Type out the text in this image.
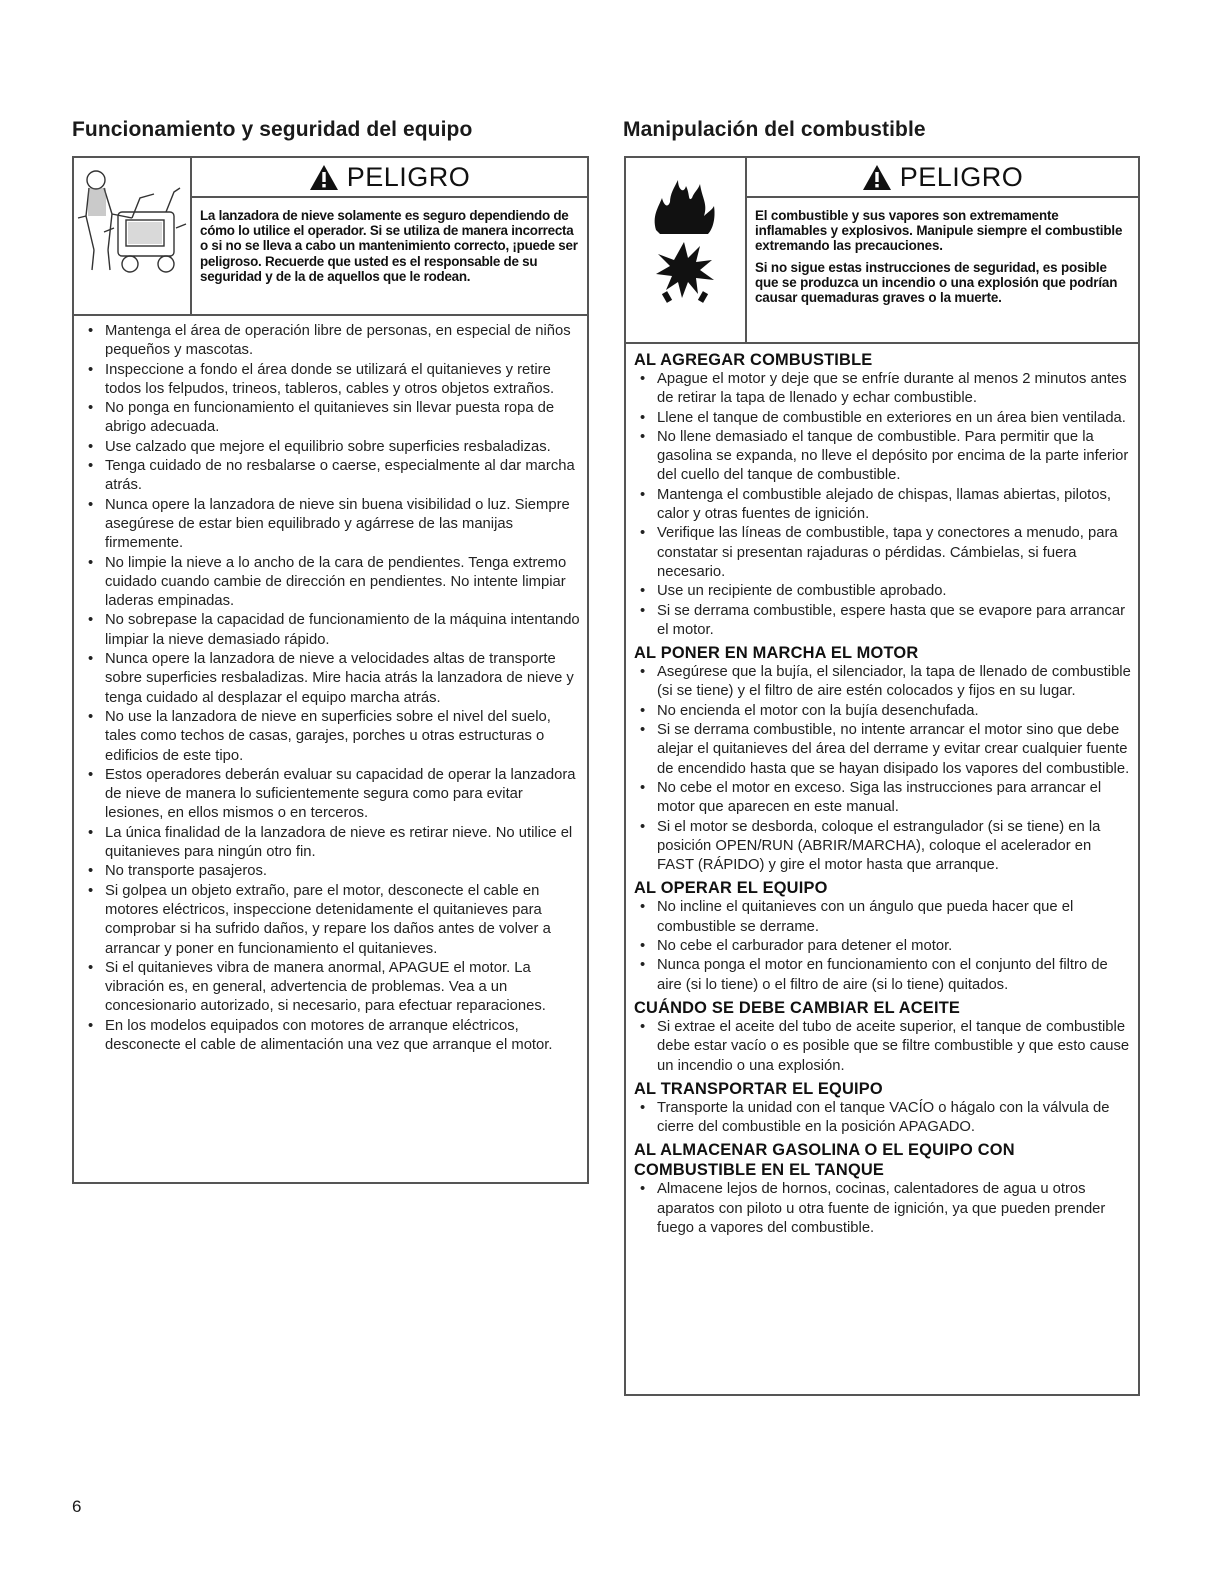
Funcionamiento y seguridad del equipo
PELIGRO

La lanzadora de nieve solamente es seguro dependiendo de cómo lo utilice el operador. Si se utiliza de manera incorrecta o si no se lleva a cabo un mantenimiento correcto, ¡puede ser peligroso. Recuerde que usted es el responsable de su seguridad y de la de aquellos que le rodean.

• Mantenga el área de operación libre de personas, en especial de niños pequeños y mascotas.
• Inspeccione a fondo el área donde se utilizará el quitanieves y retire todos los felpudos, trineos, tableros, cables y otros objetos extraños.
• No ponga en funcionamiento el quitanieves sin llevar puesta ropa de abrigo adecuada.
• Use calzado que mejore el equilibrio sobre superficies resbaladizas.
• Tenga cuidado de no resbalarse o caerse, especialmente al dar marcha atrás.
• Nunca opere la lanzadora de nieve sin buena visibilidad o luz. Siempre asegúrese de estar bien equilibrado y agárrese de las manijas firmemente.
• No limpie la nieve a lo ancho de la cara de pendientes. Tenga extremo cuidado cuando cambie de dirección en pendientes. No intente limpiar laderas empinadas.
• No sobrepase la capacidad de funcionamiento de la máquina intentando limpiar la nieve demasiado rápido.
• Nunca opere la lanzadora de nieve a velocidades altas de transporte sobre superficies resbaladizas. Mire hacia atrás la lanzadora de nieve y tenga cuidado al desplazar el equipo marcha atrás.
• No use la lanzadora de nieve en superficies sobre el nivel del suelo, tales como techos de casas, garajes, porches u otras estructuras o edificios de este tipo.
• Estos operadores deberán evaluar su capacidad de operar la lanzadora de nieve de manera lo suficientemente segura como para evitar lesiones, en ellos mismos o en terceros.
• La única finalidad de la lanzadora de nieve es retirar nieve. No utilice el quitanieves para ningún otro fin.
• No transporte pasajeros.
• Si golpea un objeto extraño, pare el motor, desconecte el cable en motores eléctricos, inspeccione detenidamente el quitanieves para comprobar si ha sufrido daños, y repare los daños antes de volver a arrancar y poner en funcionamiento el quitanieves.
• Si el quitanieves vibra de manera anormal, APAGUE el motor. La vibración es, en general, advertencia de problemas. Vea a un concesionario autorizado, si necesario, para efectuar reparaciones.
• En los modelos equipados con motores de arranque eléctricos, desconecte el cable de alimentación una vez que arranque el motor.
Manipulación del combustible
PELIGRO

El combustible y sus vapores son extremamente inflamables y explosivos. Manipule siempre el combustible extremando las precauciones.

Si no sigue estas instrucciones de seguridad, es posible que se produzca un incendio o una explosión que podrían causar quemaduras graves o la muerte.

AL AGREGAR COMBUSTIBLE
• Apague el motor y deje que se enfríe durante al menos 2 minutos antes de retirar la tapa de llenado y echar combustible.
• Llene el tanque de combustible en exteriores en un área bien ventilada.
• No llene demasiado el tanque de combustible. Para permitir que la gasolina se expanda, no lleve el depósito por encima de la parte inferior del cuello del tanque de combustible.
• Mantenga el combustible alejado de chispas, llamas abiertas, pilotos, calor y otras fuentes de ignición.
• Verifique las líneas de combustible, tapa y conectores a menudo, para constatar si presentan rajaduras o pérdidas. Cámbielas, si fuera necesario.
• Use un recipiente de combustible aprobado.
• Si se derrama combustible, espere hasta que se evapore para arrancar el motor.
AL PONER EN MARCHA EL MOTOR
• Asegúrese que la bujía, el silenciador, la tapa de llenado de combustible (si se tiene) y el filtro de aire estén colocados y fijos en su lugar.
• No encienda el motor con la bujía desenchufada.
• Si se derrama combustible, no intente arrancar el motor sino que debe alejar el quitanieves del área del derrame y evitar crear cualquier fuente de encendido hasta que se hayan disipado los vapores del combustible.
• No cebe el motor en exceso. Siga las instrucciones para arrancar el motor que aparecen en este manual.
• Si el motor se desborda, coloque el estrangulador (si se tiene) en la posición OPEN/RUN (ABRIR/MARCHA), coloque el acelerador en FAST (RÁPIDO) y gire el motor hasta que arranque.
AL OPERAR EL EQUIPO
• No incline el quitanieves con un ángulo que pueda hacer que el combustible se derrame.
• No cebe el carburador para detener el motor.
• Nunca ponga el motor en funcionamiento con el conjunto del filtro de aire (si lo tiene) o el filtro de aire (si lo tiene) quitados.
CUÁNDO SE DEBE CAMBIAR EL ACEITE
• Si extrae el aceite del tubo de aceite superior, el tanque de combustible debe estar vacío o es posible que se filtre combustible y que esto cause un incendio o una explosión.
AL TRANSPORTAR EL EQUIPO
• Transporte la unidad con el tanque VACÍO o hágalo con la válvula de cierre del combustible en la posición APAGADO.
AL ALMACENAR GASOLINA O EL EQUIPO CON COMBUSTIBLE EN EL TANQUE
• Almacene lejos de hornos, cocinas, calentadores de agua u otros aparatos con piloto u otra fuente de ignición, ya que pueden prender fuego a vapores del combustible.
6
